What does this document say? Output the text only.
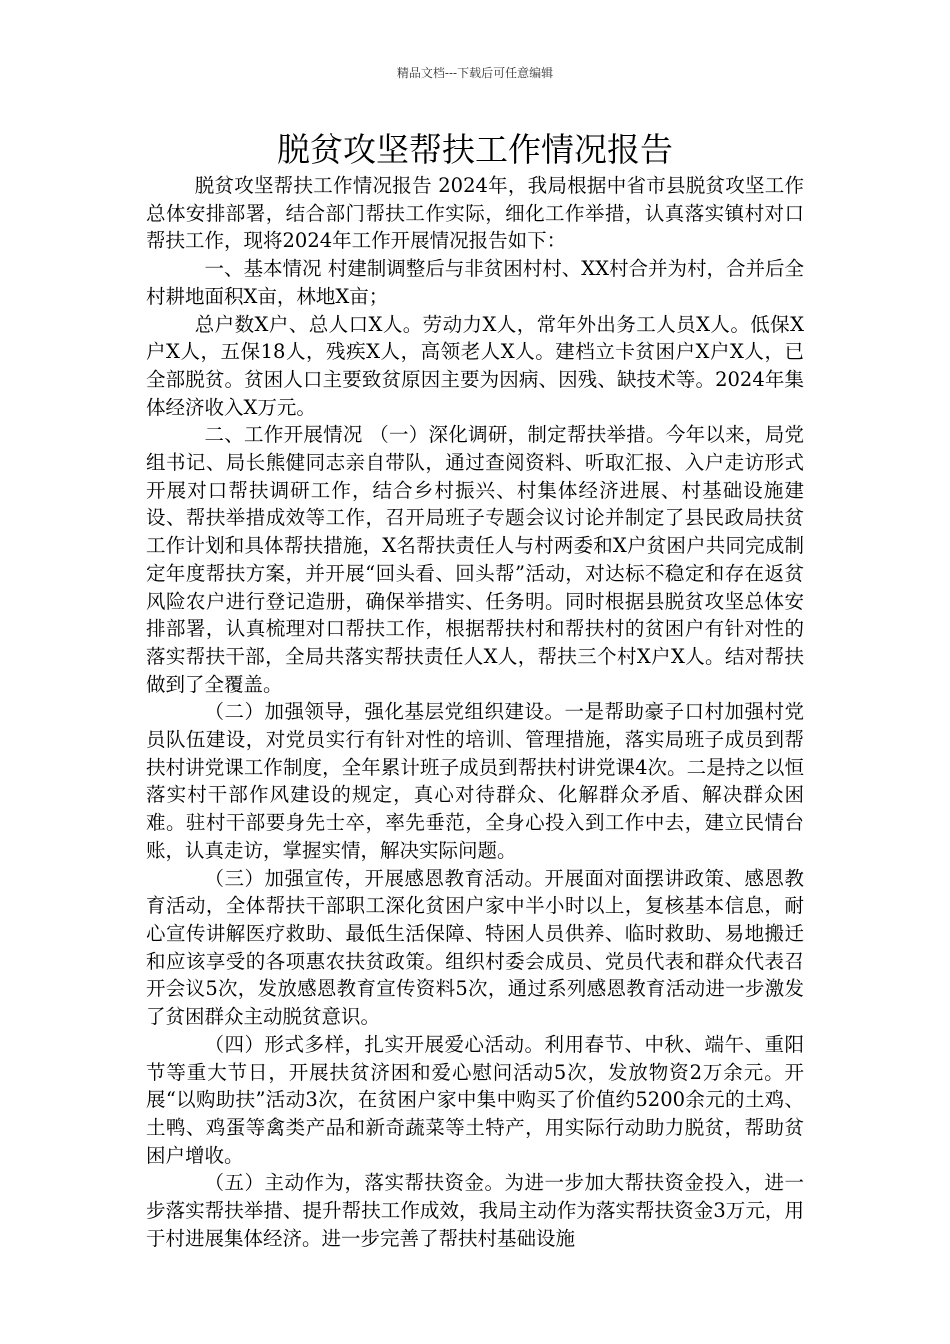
精品文档---下载后可任意编辑
脱贫攻坚帮扶工作情况报告

脱贫攻坚帮扶工作情况报告 2024年，我局根据中省市县脱贫攻坚工作总体安排部署，结合部门帮扶工作实际，细化工作举措，认真落实镇村对口帮扶工作，现将2024年工作开展情况报告如下：

一、基本情况 村建制调整后与非贫困村村、XX村合并为村，合并后全村耕地面积X亩，林地X亩；

总户数X户、总人口X人。劳动力X人，常年外出务工人员X人。低保X户X人，五保18人，残疾X人，高领老人X人。建档立卡贫困户X户X人，已全部脱贫。贫困人口主要致贫原因主要为因病、因残、缺技术等。2024年集体经济收入X万元。

二、工作开展情况 （一）深化调研，制定帮扶举措。今年以来，局党组书记、局长熊健同志亲自带队，通过查阅资料、听取汇报、入户走访形式开展对口帮扶调研工作，结合乡村振兴、村集体经济进展、村基础设施建设、帮扶举措成效等工作，召开局班子专题会议讨论并制定了县民政局扶贫工作计划和具体帮扶措施，X名帮扶责任人与村两委和X户贫困户共同完成制定年度帮扶方案，并开展“回头看、回头帮”活动，对达标不稳定和存在返贫风险农户进行登记造册，确保举措实、任务明。同时根据县脱贫攻坚总体安排部署，认真梳理对口帮扶工作，根据帮扶村和帮扶村的贫困户有针对性的落实帮扶干部，全局共落实帮扶责任人X人，帮扶三个村X户X人。结对帮扶做到了全覆盖。

（二）加强领导，强化基层党组织建设。一是帮助豪子口村加强村党员队伍建设，对党员实行有针对性的培训、管理措施，落实局班子成员到帮扶村讲党课工作制度，全年累计班子成员到帮扶村讲党课4次。二是持之以恒落实村干部作风建设的规定，真心对待群众、化解群众矛盾、解决群众困难。驻村干部要身先士卒，率先垂范，全身心投入到工作中去，建立民情台账，认真走访，掌握实情，解决实际问题。

（三）加强宣传，开展感恩教育活动。开展面对面摆讲政策、感恩教育活动，全体帮扶干部职工深化贫困户家中半小时以上，复核基本信息，耐心宣传讲解医疗救助、最低生活保障、特困人员供养、临时救助、易地搬迁和应该享受的各项惠农扶贫政策。组织村委会成员、党员代表和群众代表召开会议5次，发放感恩教育宣传资料5次，通过系列感恩教育活动进一步激发了贫困群众主动脱贫意识。

（四）形式多样，扎实开展爱心活动。利用春节、中秋、端午、重阳节等重大节日，开展扶贫济困和爱心慰问活动5次，发放物资2万余元。开展“以购助扶”活动3次，在贫困户家中集中购买了价值约5200余元的土鸡、土鸭、鸡蛋等禽类产品和新奇蔬菜等土特产，用实际行动助力脱贫，帮助贫困户增收。

（五）主动作为，落实帮扶资金。为进一步加大帮扶资金投入，进一步落实帮扶举措、提升帮扶工作成效，我局主动作为落实帮扶资金3万元，用于村进展集体经济。进一步完善了帮扶村基础设施
